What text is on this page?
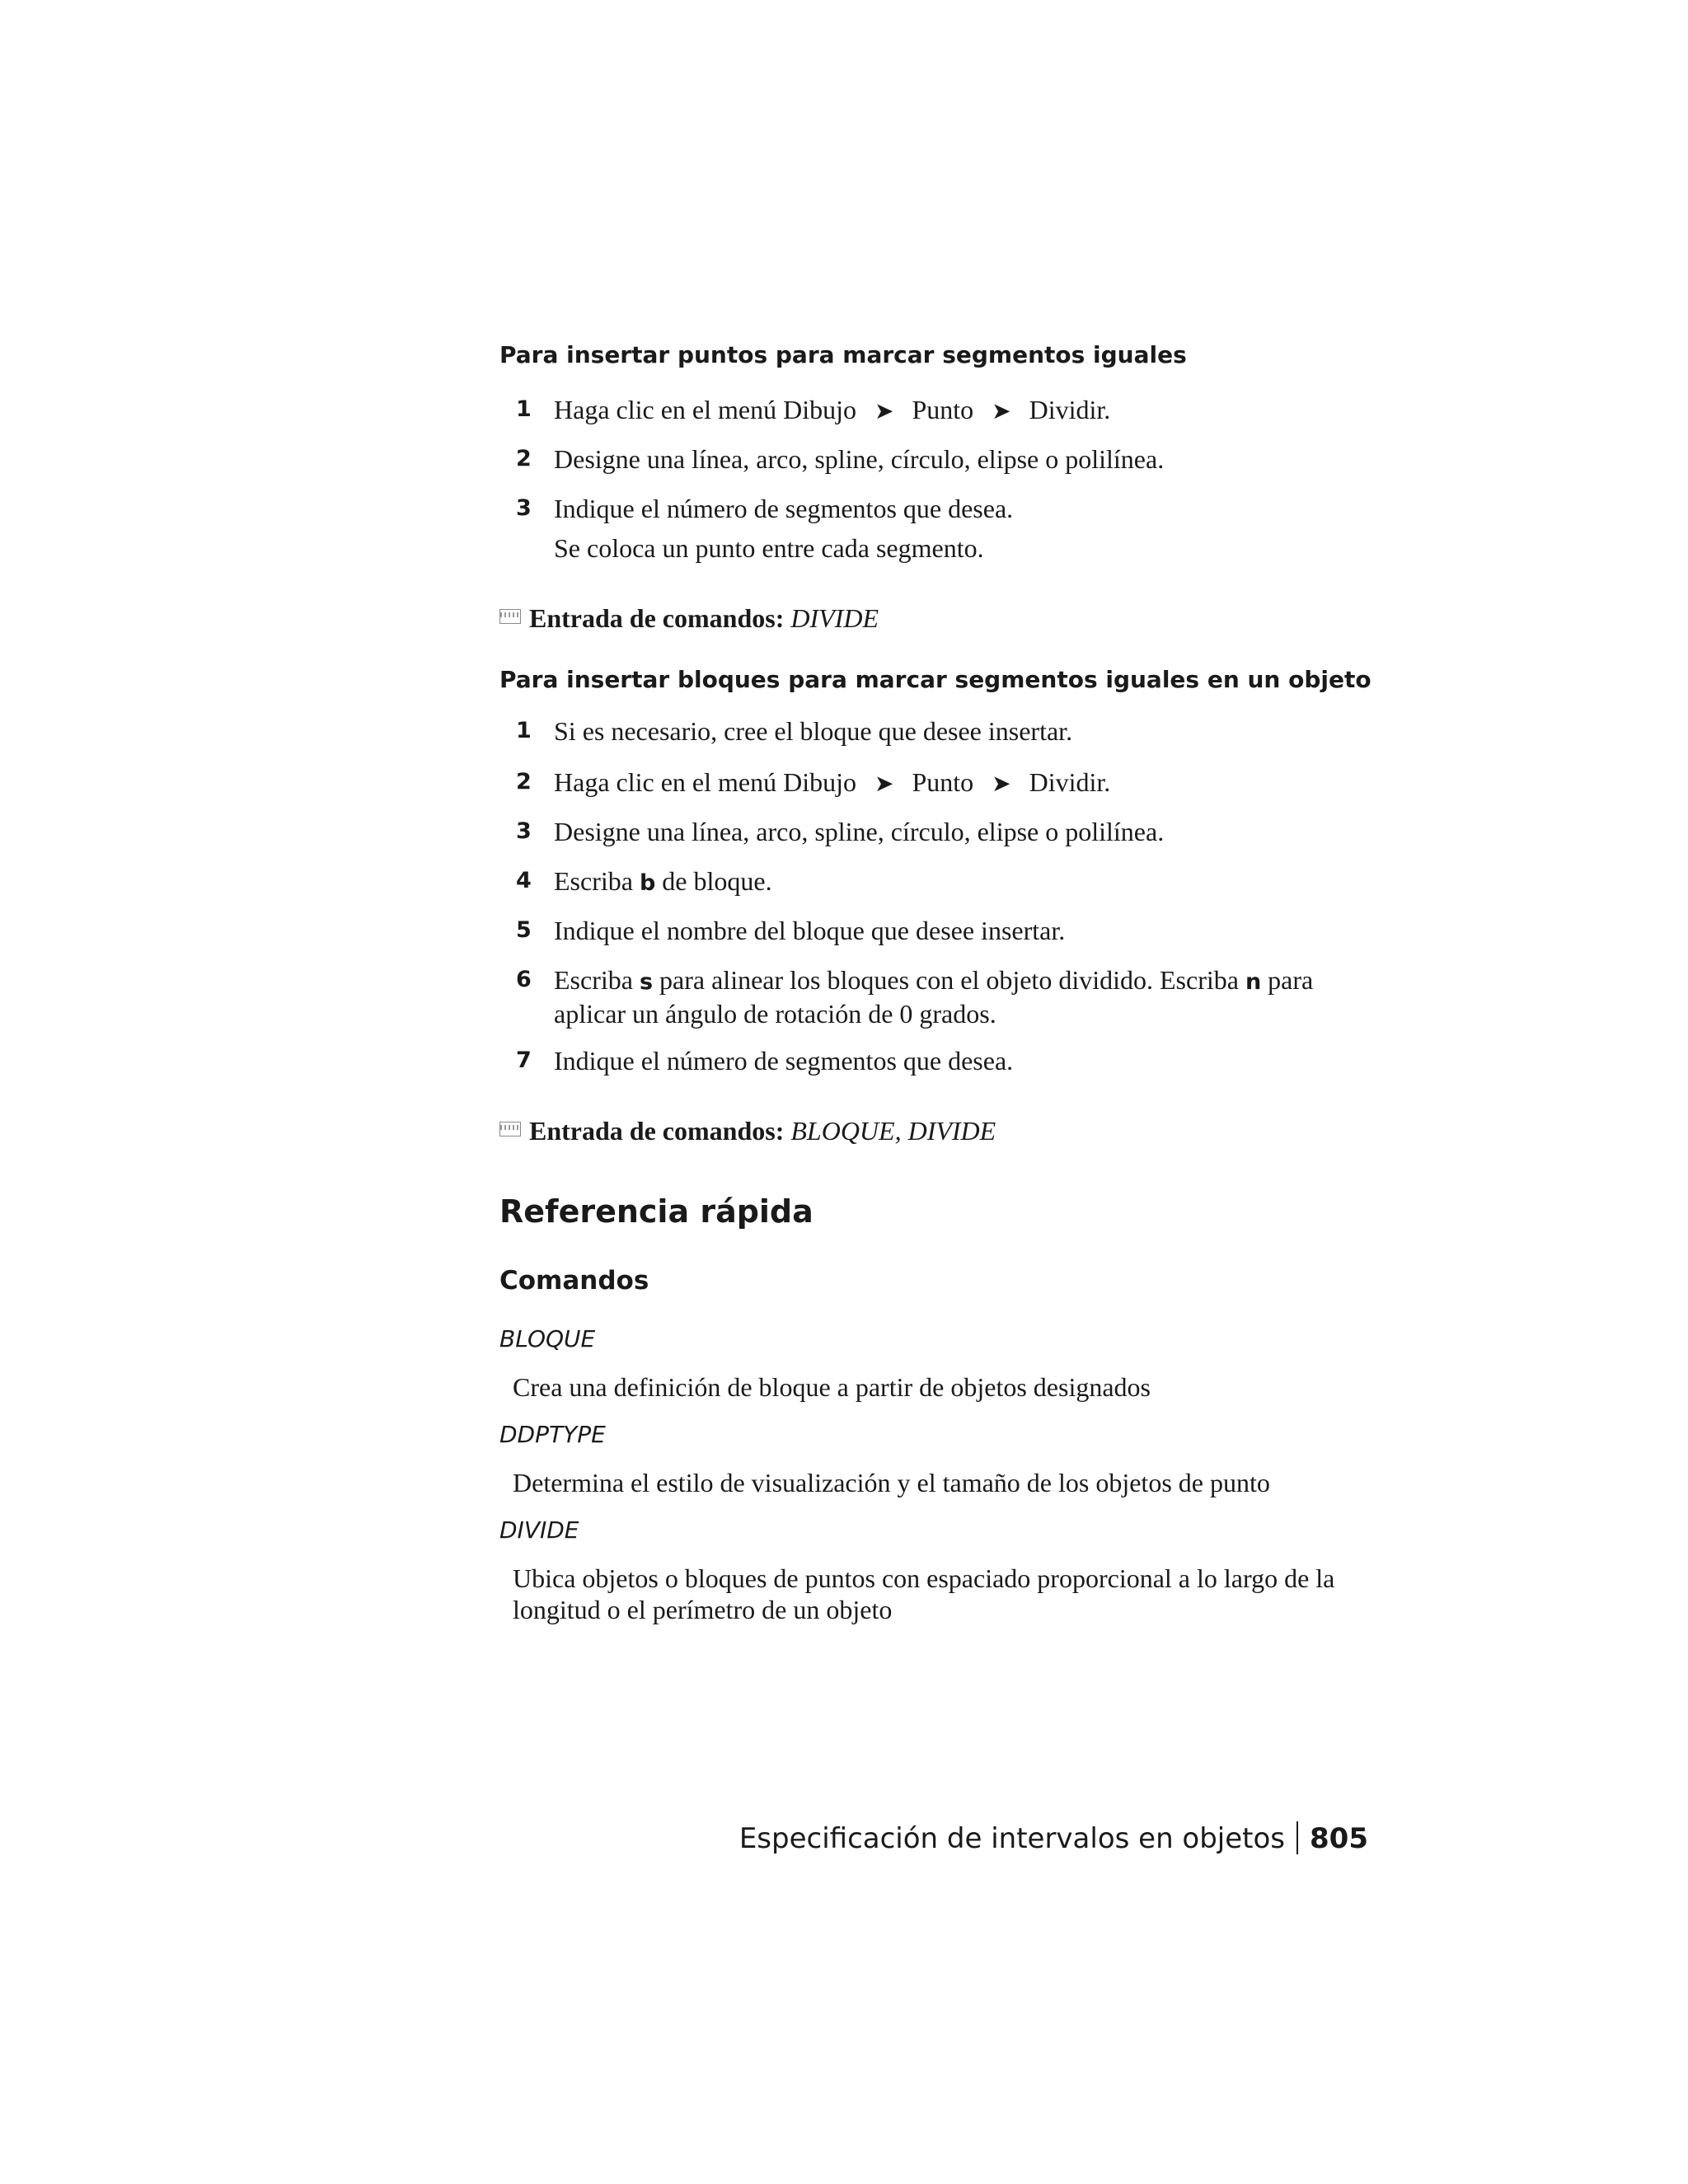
Para insertar puntos para marcar segmentos iguales
1 Haga clic en el menú Dibujo ➤ Punto ➤ Dividir.
2 Designe una línea, arco, spline, círculo, elipse o polilínea.
3 Indique el número de segmentos que desea.
Se coloca un punto entre cada segmento.
Entrada de comandos: DIVIDE
Para insertar bloques para marcar segmentos iguales en un objeto
1 Si es necesario, cree el bloque que desee insertar.
2 Haga clic en el menú Dibujo ➤ Punto ➤ Dividir.
3 Designe una línea, arco, spline, círculo, elipse o polilínea.
4 Escriba b de bloque.
5 Indique el nombre del bloque que desee insertar.
6 Escriba s para alinear los bloques con el objeto dividido. Escriba n para aplicar un ángulo de rotación de 0 grados.
7 Indique el número de segmentos que desea.
Entrada de comandos: BLOQUE, DIVIDE
Referencia rápida
Comandos
BLOQUE
Crea una definición de bloque a partir de objetos designados
DDPTYPE
Determina el estilo de visualización y el tamaño de los objetos de punto
DIVIDE
Ubica objetos o bloques de puntos con espaciado proporcional a lo largo de la longitud o el perímetro de un objeto
Especificación de intervalos en objetos 805
